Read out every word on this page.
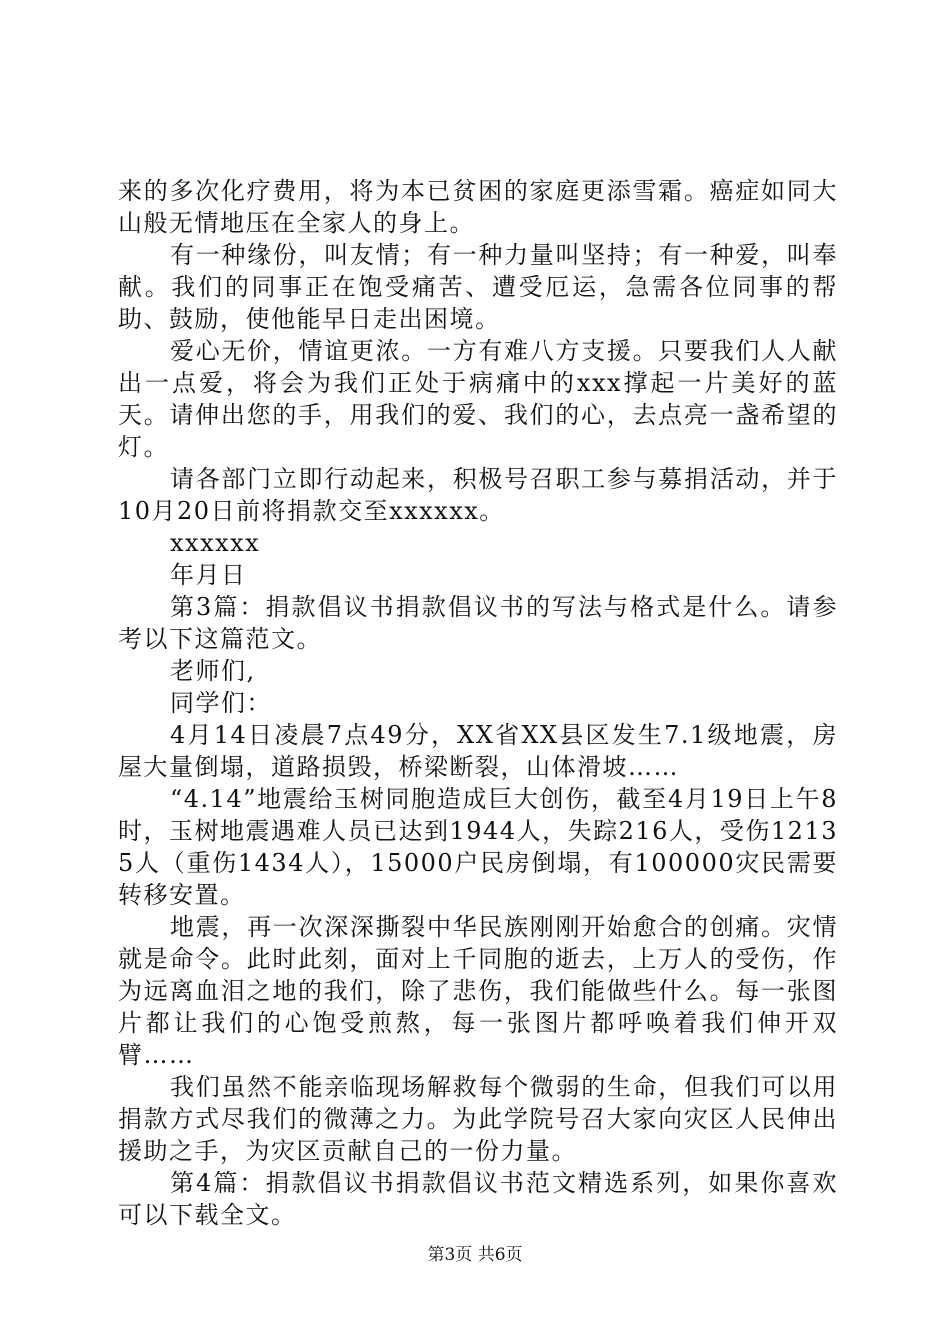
来的多次化疗费用，将为本已贫困的家庭更添雪霜。癌症如同大山般无情地压在全家人的身上。

有一种缘份，叫友情；有一种力量叫坚持；有一种爱，叫奉献。我们的同事正在饱受痛苦、遭受厄运，急需各位同事的帮助、鼓励，使他能早日走出困境。

爱心无价，情谊更浓。一方有难八方支援。只要我们人人献出一点爱，将会为我们正处于病痛中的xxx撑起一片美好的蓝天。请伸出您的手，用我们的爱、我们的心，去点亮一盏希望的灯。

请各部门立即行动起来，积极号召职工参与募捐活动，并于10月20日前将捐款交至xxxxxx。

xxxxxx

年月日

第3篇：捐款倡议书捐款倡议书的写法与格式是什么。请参考以下这篇范文。

老师们,

同学们：

4月14日凌晨7点49分，XX省XX县区发生7.1级地震，房屋大量倒塌，道路损毁，桥梁断裂，山体滑坡……

“4.14”地震给玉树同胞造成巨大创伤，截至4月19日上午8时，玉树地震遇难人员已达到1944人，失踪216人，受伤12135人（重伤1434人），15000户民房倒塌，有100000灾民需要转移安置。

地震，再一次深深撕裂中华民族刚刚开始愈合的创痛。灾情就是命令。此时此刻，面对上千同胞的逝去，上万人的受伤，作为远离血泪之地的我们，除了悲伤，我们能做些什么。每一张图片都让我们的心饱受煎熬，每一张图片都呼唤着我们伸开双臂……

我们虽然不能亲临现场解救每个微弱的生命，但我们可以用捐款方式尽我们的微薄之力。为此学院号召大家向灾区人民伸出援助之手，为灾区贡献自己的一份力量。

第4篇：捐款倡议书捐款倡议书范文精选系列，如果你喜欢可以下载全文。

第3页 共6页
